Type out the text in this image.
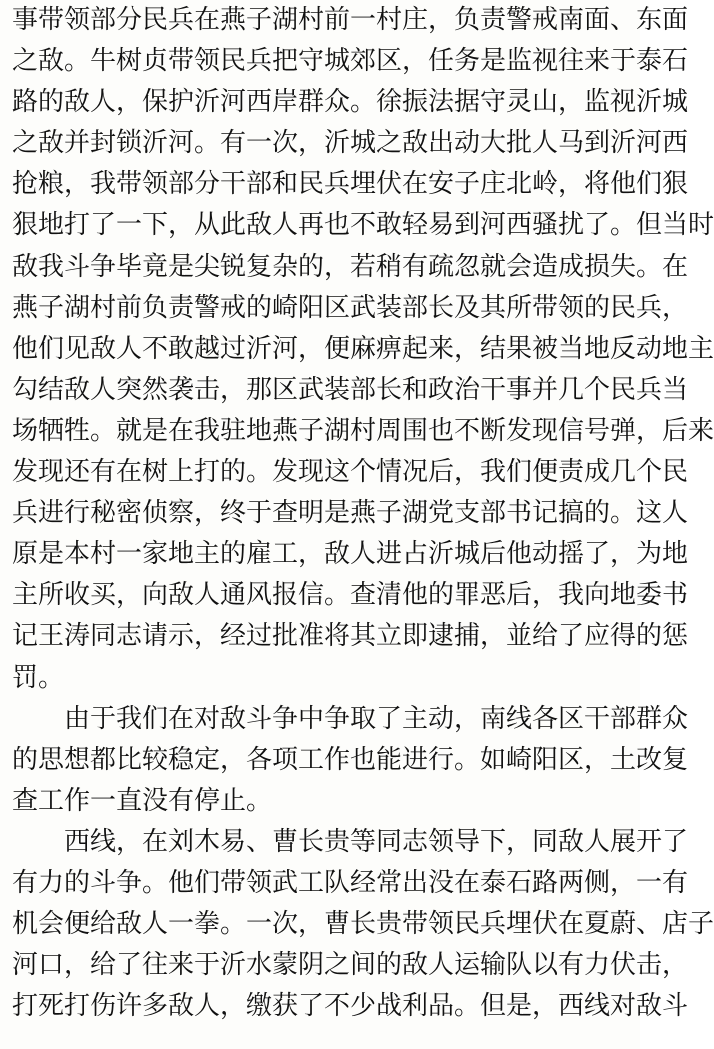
事带领部分民兵在燕子湖村前一村庄，负责警戒南面、东面
之敌。牛树贞带领民兵把守城郊区，任务是监视往来于泰石
路的敌人，保护沂河西岸群众。徐振法据守灵山，监视沂城
之敌并封锁沂河。有一次，沂城之敌出动大批人马到沂河西
抢粮，我带领部分干部和民兵埋伏在安子庄北岭，将他们狠
狠地打了一下，从此敌人再也不敢轻易到河西骚扰了。但当时
敌我斗争毕竟是尖锐复杂的，若稍有疏忽就会造成损失。在
燕子湖村前负责警戒的崎阳区武装部长及其所带领的民兵，
他们见敌人不敢越过沂河，便麻痹起来，结果被当地反动地主
勾结敌人突然袭击，那区武装部长和政治干事并几个民兵当
场牺牲。就是在我驻地燕子湖村周围也不断发现信号弹，后来
发现还有在树上打的。发现这个情况后，我们便责成几个民
兵进行秘密侦察，终于查明是燕子湖党支部书记搞的。这人
原是本村一家地主的雇工，敌人进占沂城后他动摇了，为地
主所收买，向敌人通风报信。查清他的罪恶后，我向地委书
记王涛同志请示，经过批准将其立即逮捕，並给了应得的惩
罚。
由于我们在对敌斗争中争取了主动，南线各区干部群众
的思想都比较稳定，各项工作也能进行。如崎阳区，土改复
查工作一直没有停止。
西线，在刘木易、曹长贵等同志领导下，同敌人展开了
有力的斗争。他们带领武工队经常出没在泰石路两侧，一有
机会便给敌人一拳。一次，曹长贵带领民兵埋伏在夏蔚、店子
河口，给了往来于沂水蒙阴之间的敌人运输队以有力伏击，
打死打伤许多敌人，缴获了不少战利品。但是，西线对敌斗
